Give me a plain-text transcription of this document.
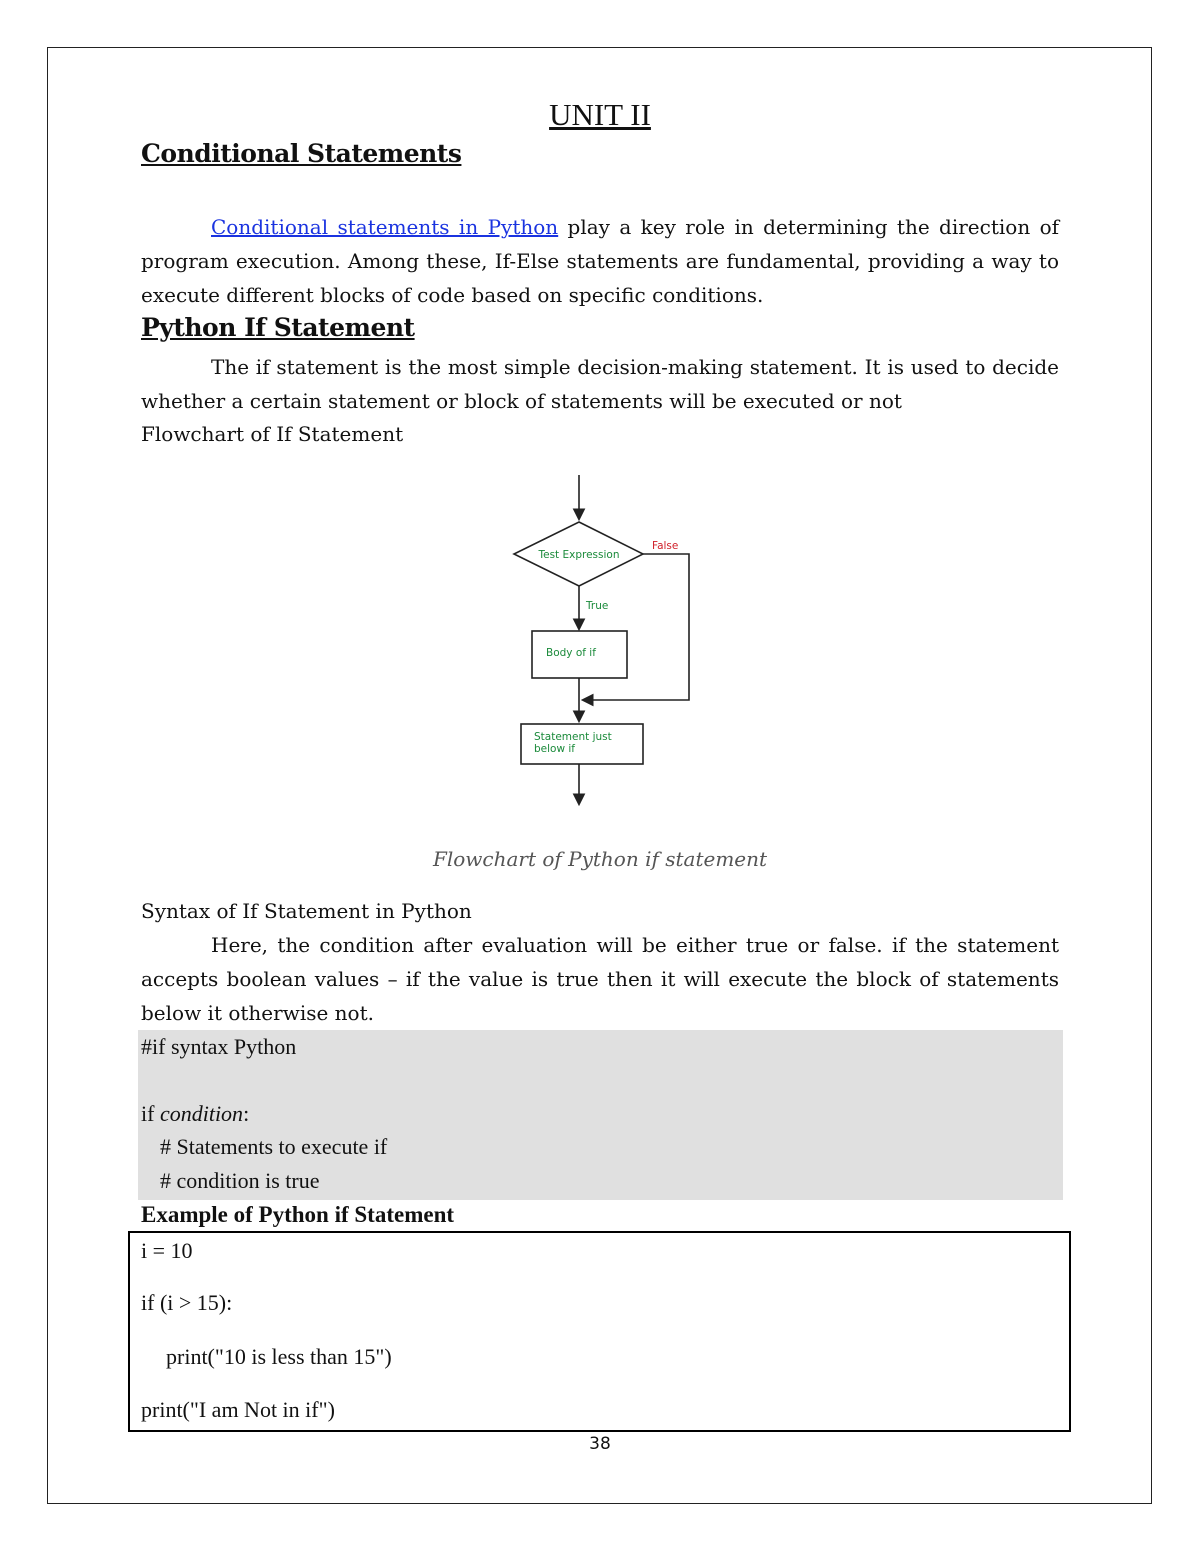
UNIT II
Conditional Statements
Conditional statements in Python play a key role in determining the direction of program execution. Among these, If-Else statements are fundamental, providing a way to execute different blocks of code based on specific conditions.
Python If Statement
The if statement is the most simple decision-making statement. It is used to decide whether a certain statement or block of statements will be executed or not
Flowchart of If Statement
Test Expression
False
True
Body of if
Statement just
below if
Flowchart of Python if statement
Syntax of If Statement in Python
Here, the condition after evaluation will be either true or false. if the statement accepts boolean values – if the value is true then it will execute the block of statements below it otherwise not.
#if syntax Python
if condition:
# Statements to execute if
# condition is true
Example of Python if Statement
i = 10
if (i > 15):
print("10 is less than 15")
print("I am Not in if")
38
